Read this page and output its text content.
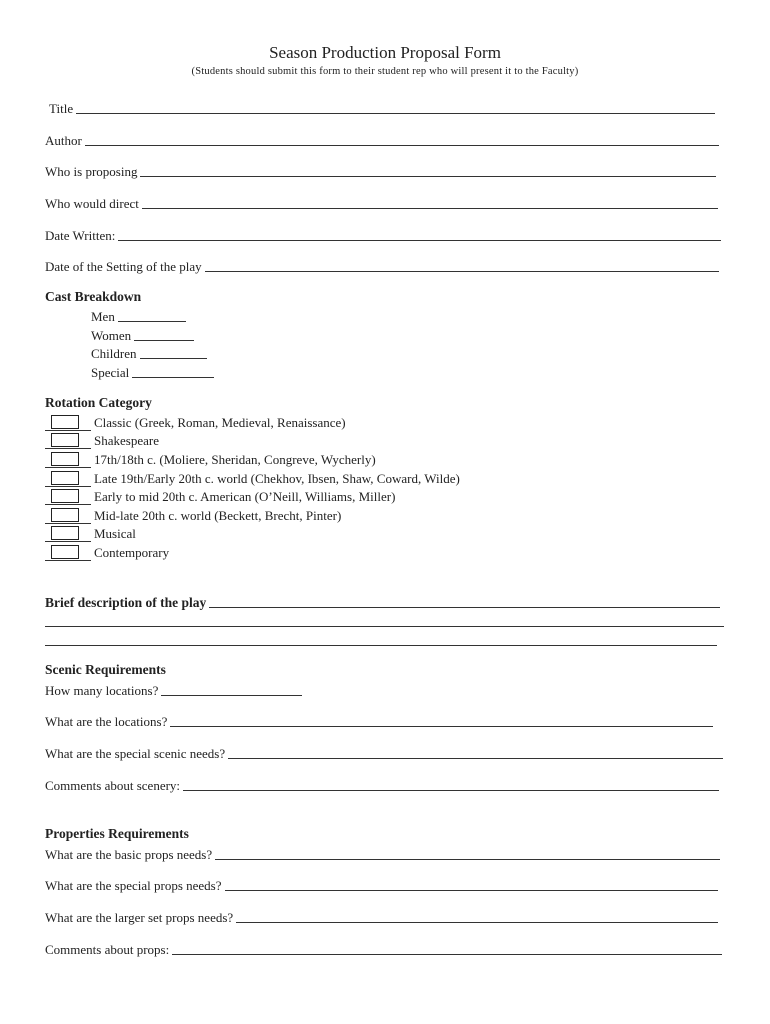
Season Production Proposal Form
(Students should submit this form to their student rep who will present it to the Faculty)
Title
Author
Who is proposing
Who would direct
Date Written:
Date of the Setting of the play
Cast Breakdown
Men
Women
Children
Special
Rotation Category
Classic (Greek, Roman, Medieval, Renaissance)
Shakespeare
17th/18th c. (Moliere, Sheridan, Congreve, Wycherly)
Late 19th/Early 20th c. world (Chekhov, Ibsen, Shaw, Coward, Wilde)
Early to mid 20th c. American (O’Neill, Williams, Miller)
Mid-late 20th c. world (Beckett, Brecht, Pinter)
Musical
Contemporary
Brief description of the play
Scenic Requirements
How many locations?
What are the locations?
What are the special scenic needs?
Comments about scenery:
Properties Requirements
What are the basic props needs?
What are the special props needs?
What are the larger set props needs?
Comments about props:
